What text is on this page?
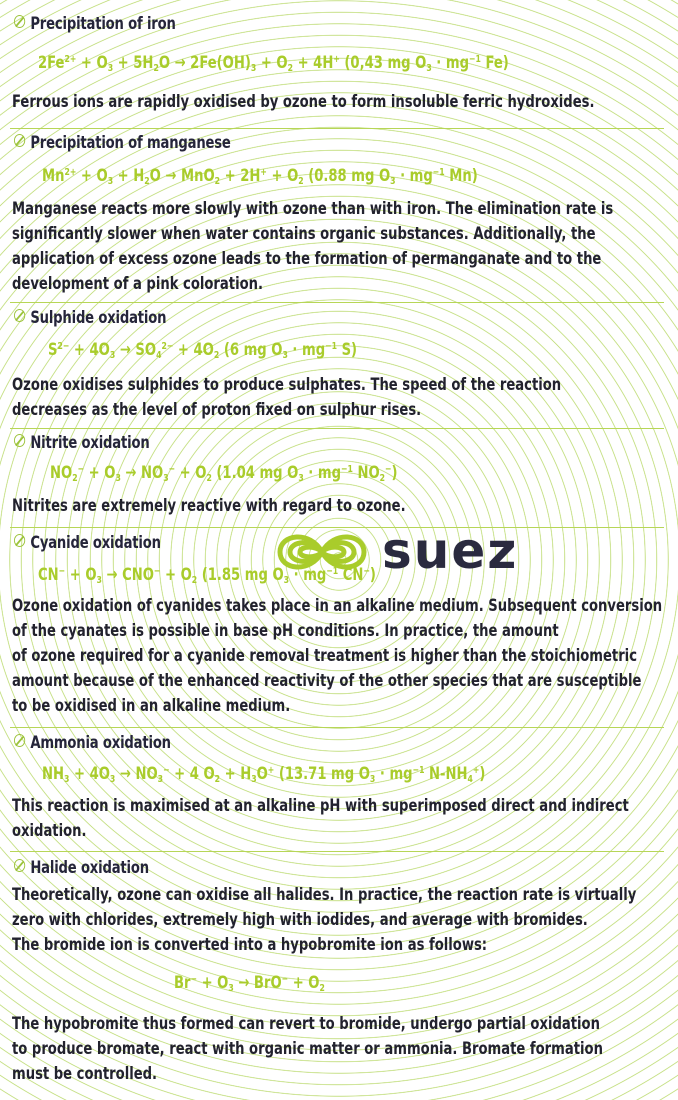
Precipitation of iron
$2Fe^{2+} + O_3 + 5H_2O \to 2Fe(OH)_3 + O_2 + 4H^+$ (0,43 mg $O_3 \cdot mg^{-1}$ Fe)
Ferrous ions are rapidly oxidised by ozone to form insoluble ferric hydroxides.
Precipitation of manganese
$Mn^{2+} + O_3 + H_2O \to MnO_2 + 2H^+ + O_2$ (0.88 mg $O_3 \cdot mg^{-1}$ Mn)
Manganese reacts more slowly with ozone than with iron. The elimination rate is
significantly slower when water contains organic substances. Additionally, the
application of excess ozone leads to the formation of permanganate and to the
development of a pink coloration.
Sulphide oxidation
$S^{2-} + 4O_3 \to SO_4^{2-} + 4O_2$ (6 mg $O_3 \cdot mg^{-1}$ S)
Ozone oxidises sulphides to produce sulphates. The speed of the reaction
decreases as the level of proton fixed on sulphur rises.
Nitrite oxidation
$NO_2^- + O_3 \to NO_3^- + O_2$ (1.04 mg $O_3 \cdot mg^{-1}$ $NO_2^-$)
Nitrites are extremely reactive with regard to ozone.
suez
Cyanide oxidation
$CN^- + O_3 \to CNO^- + O_2$ (1.85 mg $O_3 \cdot mg^{-1}$ CN−)
Ozone oxidation of cyanides takes place in an alkaline medium. Subsequent conversion
of the cyanates is possible in base pH conditions. In practice, the amount
of ozone required for a cyanide removal treatment is higher than the stoichiometric
amount because of the enhanced reactivity of the other species that are susceptible
to be oxidised in an alkaline medium.
Ammonia oxidation
$NH_3 + 4O_3 \to NO_3^- + 4$ $O_2 + H_3O^+$ (13.71 mg $O_3 \cdot mg^{-1}$ $N-NH_4^+$)
This reaction is maximised at an alkaline pH with superimposed direct and indirect
oxidation.
Halide oxidation
Theoretically, ozone can oxidise all halides. In practice, the reaction rate is virtually
zero with chlorides, extremely high with iodides, and average with bromides.
The bromide ion is converted into a hypobromite ion as follows:
$Br^- + O_3 \to BrO^- + O_2$
The hypobromite thus formed can revert to bromide, undergo partial oxidation
to produce bromate, react with organic matter or ammonia. Bromate formation
must be controlled.
